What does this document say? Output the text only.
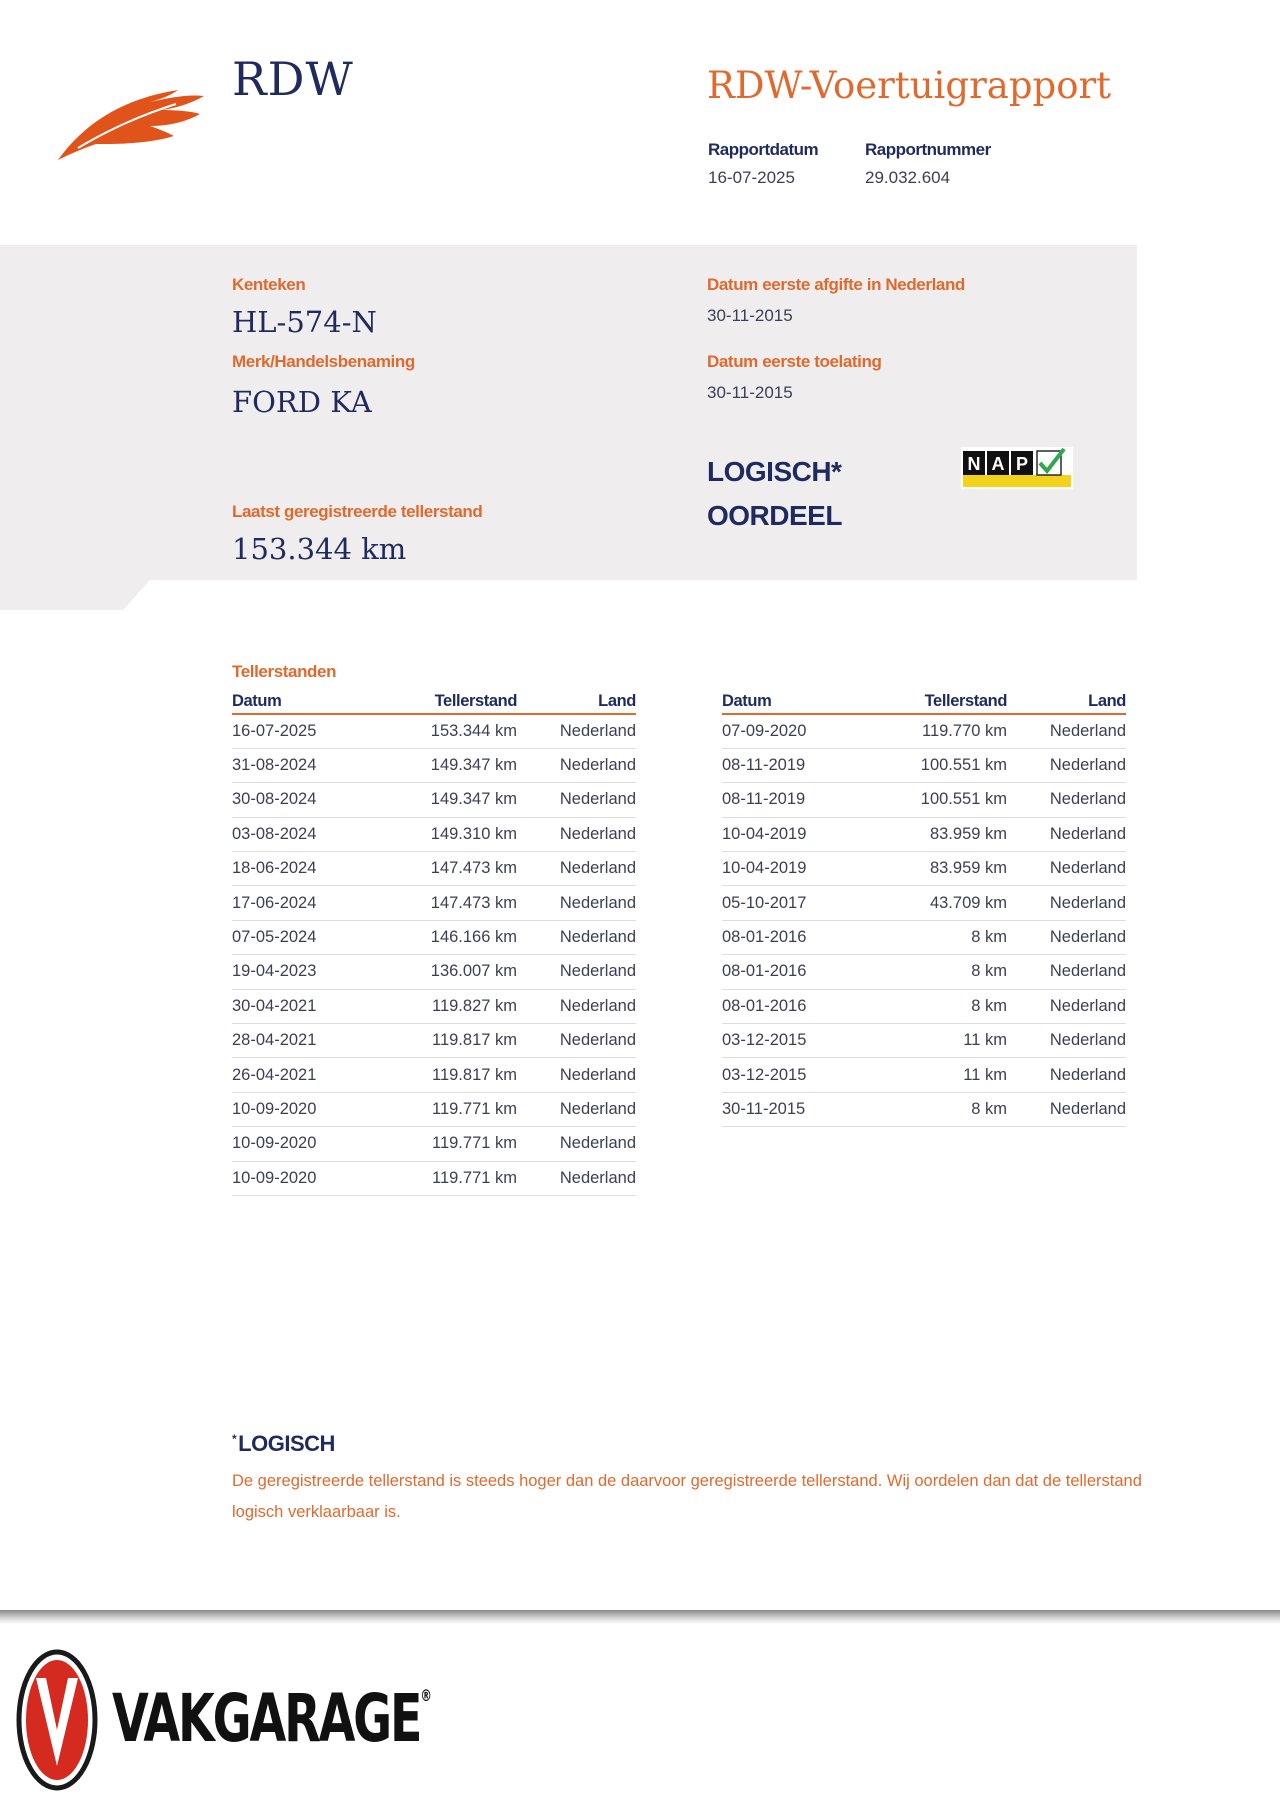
RDW	RDW-Voertuigrapport
Rapportdatum
16-07-2025
Rapportnummer
29.032.604
Kenteken
HL-574-N
Merk/Handelsbenaming
FORD KA
Datum eerste afgifte in Nederland
30-11-2015
Datum eerste toelating
30-11-2015
LOGISCH*
OORDEEL
N A P
Laatst geregistreerde tellerstand
153.344 km
Tellerstanden
Datum	Tellerstand	Land
16-07-2025	153.344 km	Nederland
31-08-2024	149.347 km	Nederland
30-08-2024	149.347 km	Nederland
03-08-2024	149.310 km	Nederland
18-06-2024	147.473 km	Nederland
17-06-2024	147.473 km	Nederland
07-05-2024	146.166 km	Nederland
19-04-2023	136.007 km	Nederland
30-04-2021	119.827 km	Nederland
28-04-2021	119.817 km	Nederland
26-04-2021	119.817 km	Nederland
10-09-2020	119.771 km	Nederland
10-09-2020	119.771 km	Nederland
10-09-2020	119.771 km	Nederland
Datum	Tellerstand	Land
07-09-2020	119.770 km	Nederland
08-11-2019	100.551 km	Nederland
08-11-2019	100.551 km	Nederland
10-04-2019	83.959 km	Nederland
10-04-2019	83.959 km	Nederland
05-10-2017	43.709 km	Nederland
08-01-2016	8 km	Nederland
08-01-2016	8 km	Nederland
08-01-2016	8 km	Nederland
03-12-2015	11 km	Nederland
03-12-2015	11 km	Nederland
30-11-2015	8 km	Nederland
*LOGISCH
De geregistreerde tellerstand is steeds hoger dan de daarvoor geregistreerde tellerstand. Wij oordelen dan dat de tellerstand logisch verklaarbaar is.
VAKGARAGE®
